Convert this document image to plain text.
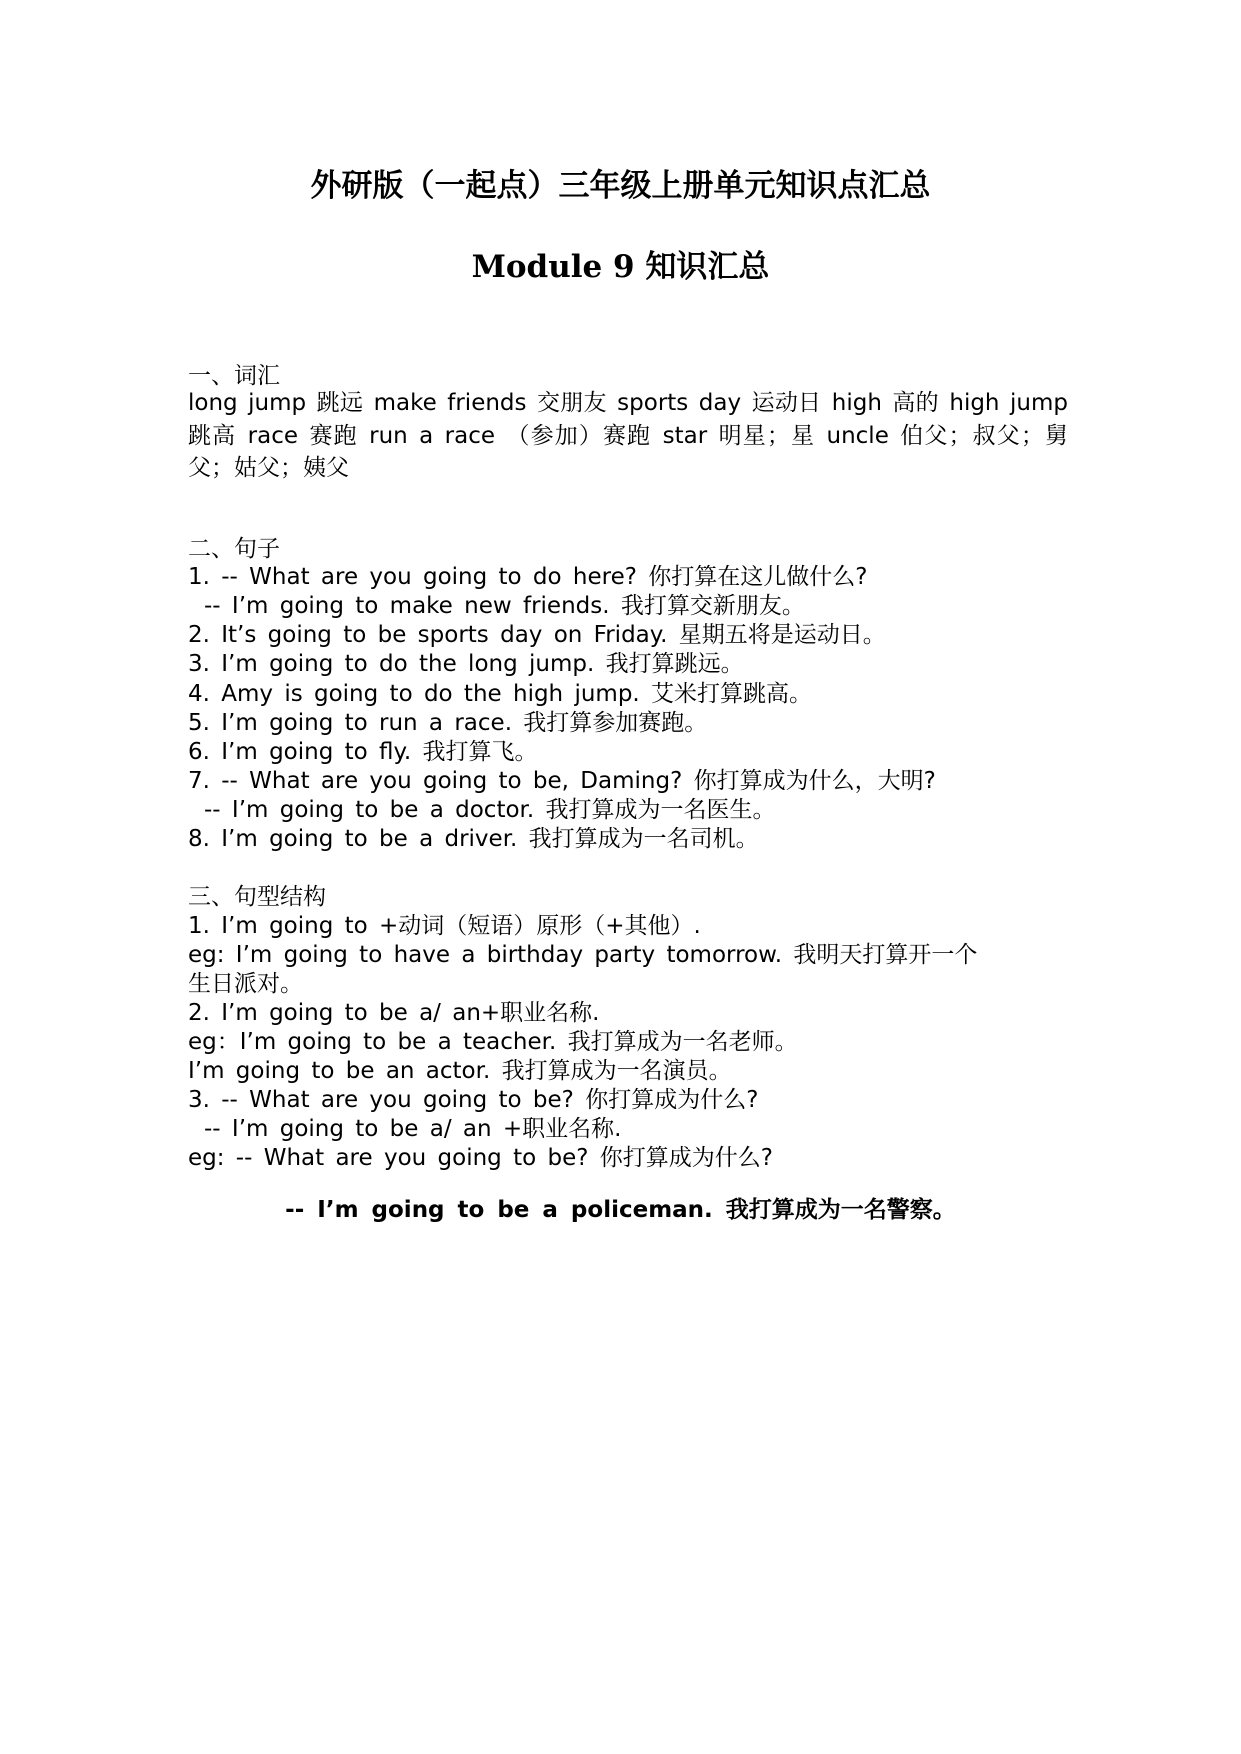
外研版（一起点）三年级上册单元知识点汇总
Module 9 知识汇总
一、词汇
long jump 跳远 make friends 交朋友 sports day 运动日 high 高的 high jump 跳高 race 赛跑 run a race （参加）赛跑 star 明星；星 uncle 伯父；叔父；舅父；姑父；姨父
二、句子
1. -- What are you going to do here? 你打算在这儿做什么?
-- I’m going to make new friends. 我打算交新朋友。
2. It’s going to be sports day on Friday. 星期五将是运动日。
3. I’m going to do the long jump. 我打算跳远。
4. Amy is going to do the high jump. 艾米打算跳高。
5. I’m going to run a race. 我打算参加赛跑。
6. I’m going to fly. 我打算飞。
7. -- What are you going to be, Daming? 你打算成为什么，大明?
-- I’m going to be a doctor. 我打算成为一名医生。
8. I’m going to be a driver. 我打算成为一名司机。
三、句型结构
1. I’m going to +动词（短语）原形（+其他）.
eg: I’m going to have a birthday party tomorrow. 我明天打算开一个
生日派对。
2. I’m going to be a/ an+职业名称.
eg：I’m going to be a teacher. 我打算成为一名老师。
I’m going to be an actor. 我打算成为一名演员。
3. -- What are you going to be? 你打算成为什么?
-- I’m going to be a/ an +职业名称.
eg: -- What are you going to be? 你打算成为什么?
-- I’m going to be a policeman. 我打算成为一名警察。
